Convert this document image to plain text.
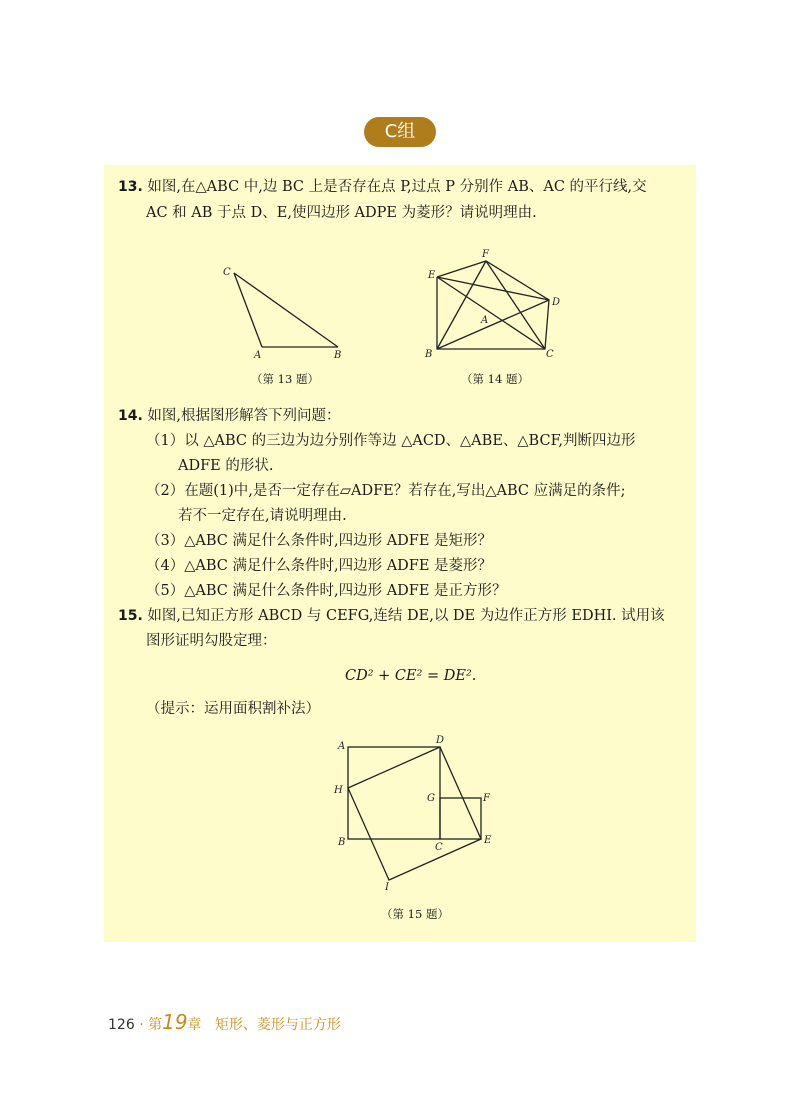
C组
13. 如图,在△ABC 中,边 BC 上是否存在点 P,过点 P 分别作 AB、AC 的平行线,交
AC 和 AB 于点 D、E,使四边形 ADPE 为菱形？请说明理由.
C
A	B
（第 13 题）
E
F
D
A
B	C
（第 14 题）
14. 如图,根据图形解答下列问题：
（1）以 △ABC 的三边为边分别作等边 △ACD、△ABE、△BCF,判断四边形
ADFE 的形状.
（2）在题(1)中,是否一定存在▱ADFE？若存在,写出△ABC 应满足的条件;
若不一定存在,请说明理由.
（3）△ABC 满足什么条件时,四边形 ADFE 是矩形？
（4）△ABC 满足什么条件时,四边形 ADFE 是菱形？
（5）△ABC 满足什么条件时,四边形 ADFE 是正方形？
15. 如图,已知正方形 ABCD 与 CEFG,连结 DE,以 DE 为边作正方形 EDHI. 试用该
图形证明勾股定理：
CD² + CE² = DE².
（提示：运用面积割补法）
A
D
H
G	F
B	C
E
I
（第 15 题）
126 · 第19章 矩形、菱形与正方形
